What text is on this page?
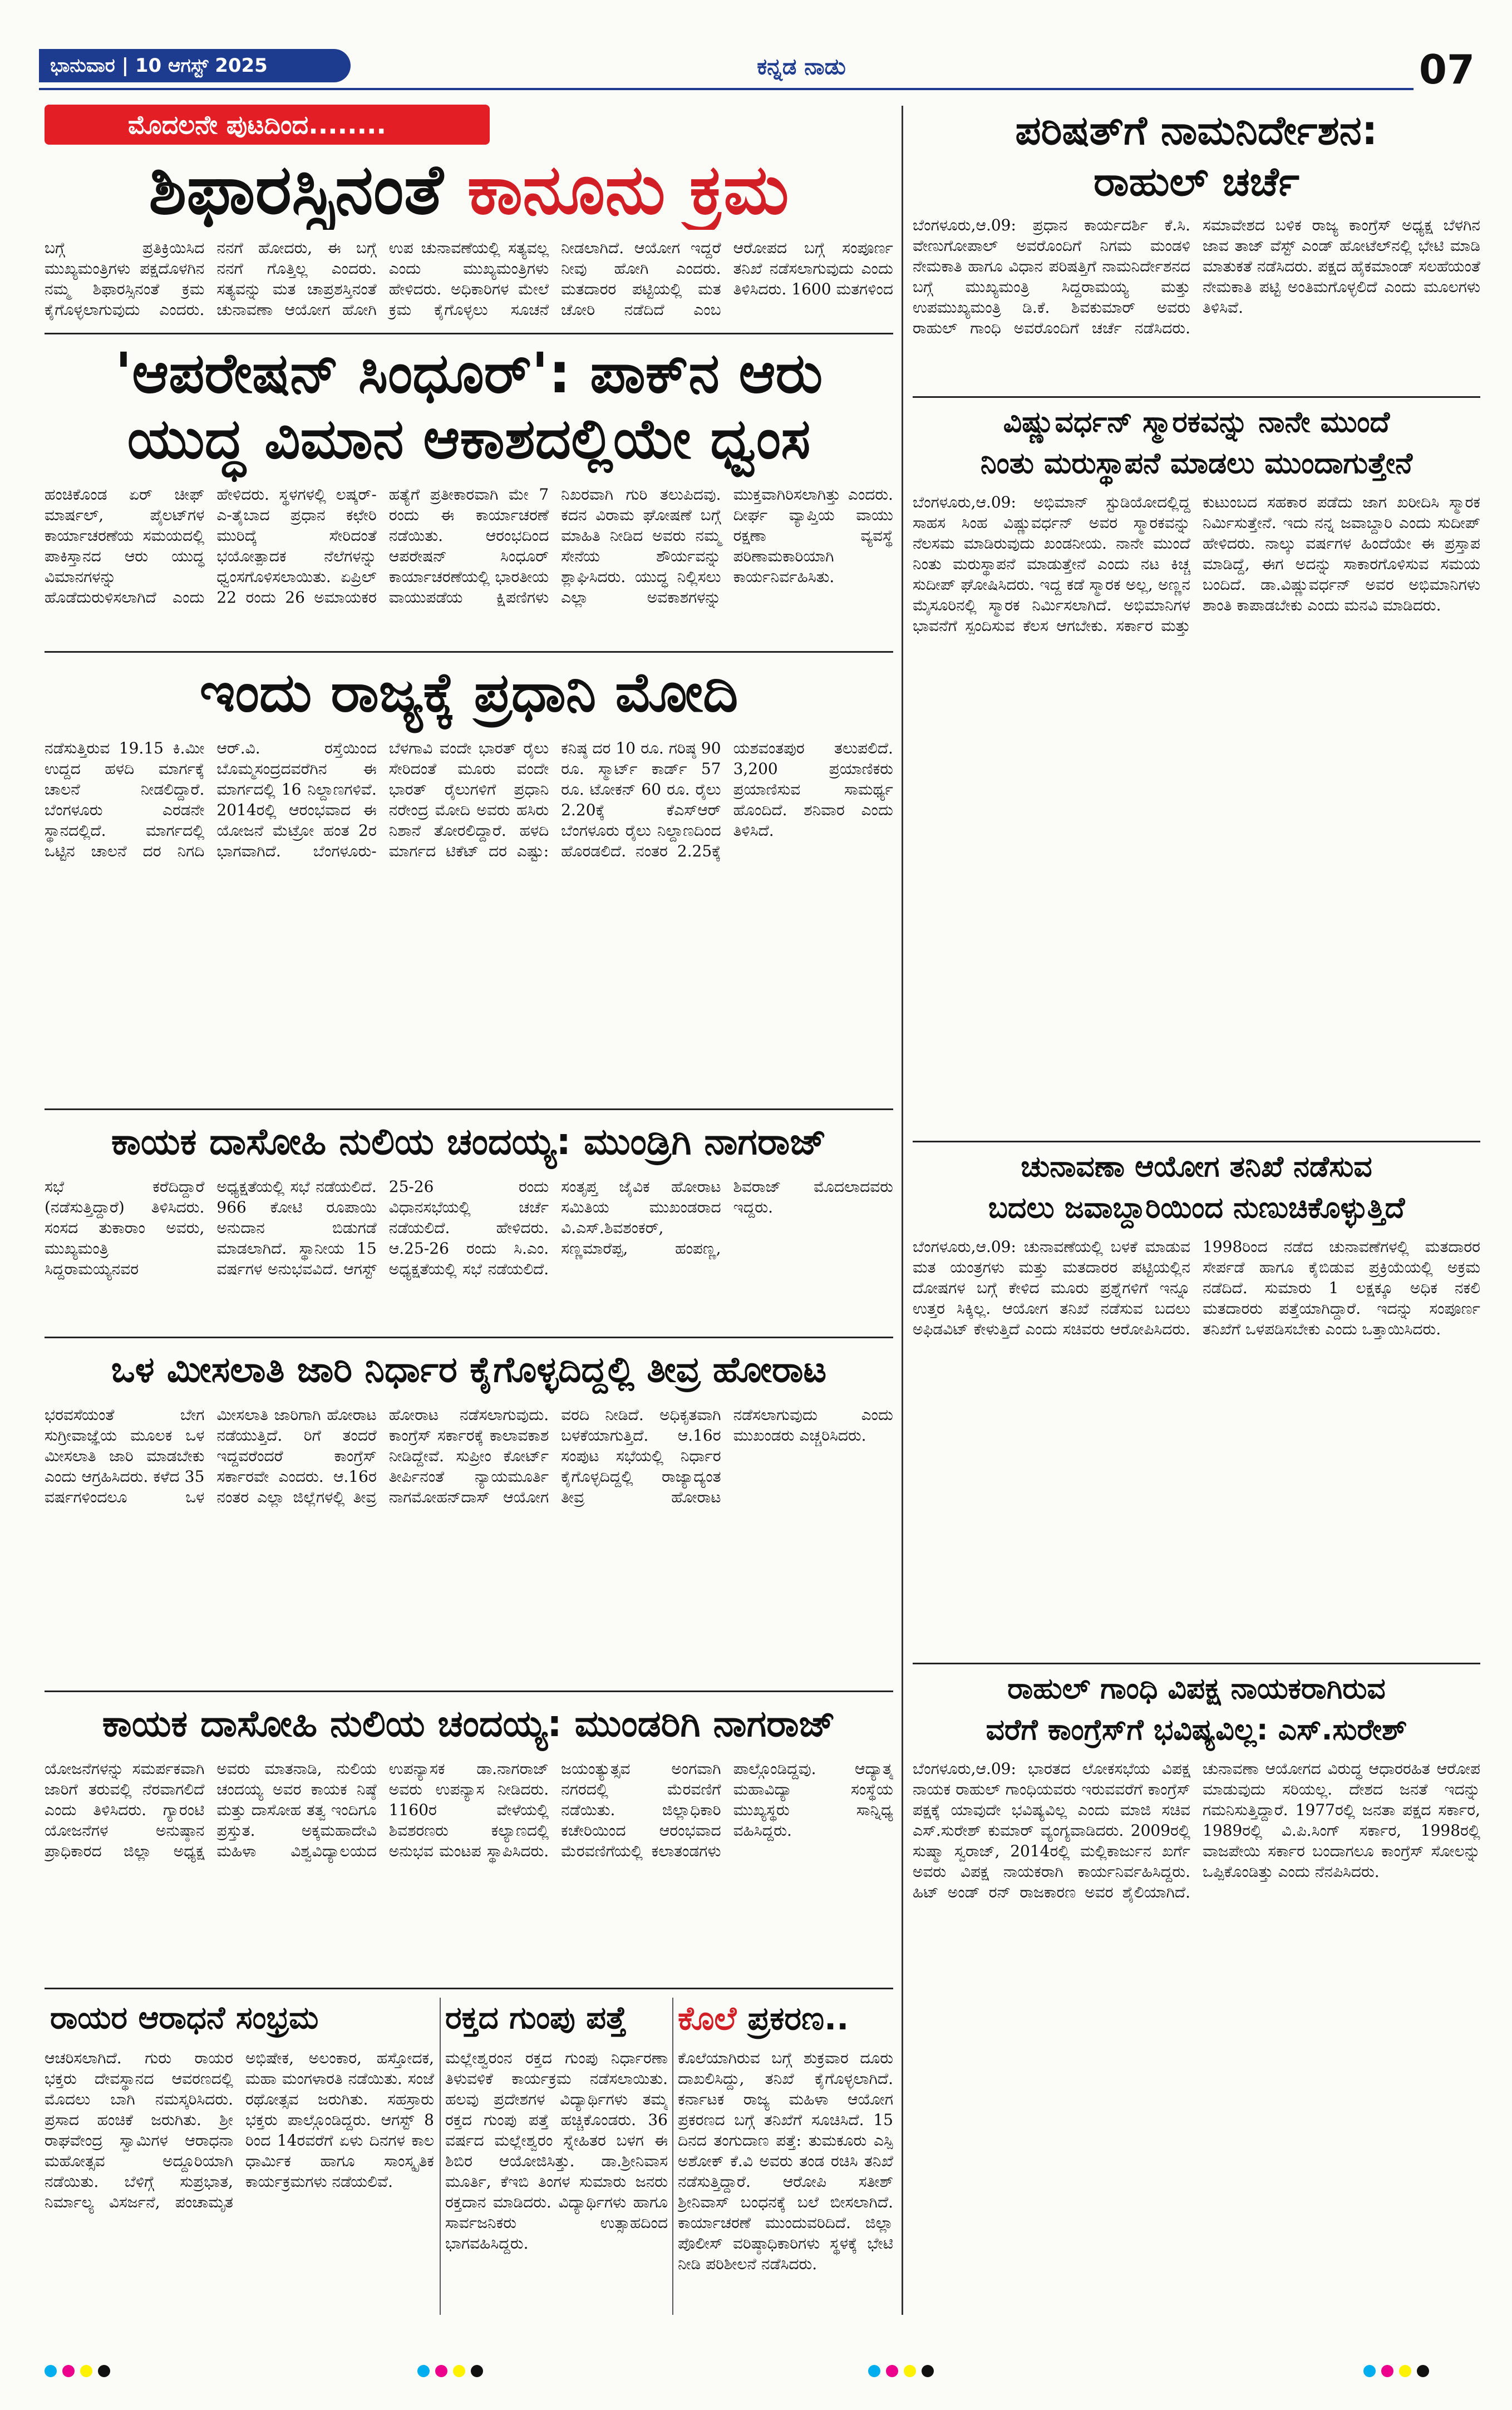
ಭಾನುವಾರ | 10 ಆಗಸ್ಟ್ 2025	ಕನ್ನಡ ನಾಡು	07
ಮೊದಲನೇ ಪುಟದಿಂದ........
ಶಿಫಾರಸ್ಸಿನಂತೆ ಕಾನೂನು ಕ್ರಮ

ಬಗ್ಗೆ ಪ್ರತಿಕ್ರಿಯಿಸಿದ ಮುಖ್ಯಮಂತ್ರಿಗಳು ಪಕ್ಷದೊಳಗಿನ ನಮ್ಮ ಶಿಫಾರಸ್ಸಿನಂತೆ ಕ್ರಮ ಕೈಗೊಳ್ಳಲಾಗುವುದು ಎಂದರು. ನನಗೆ ಹೋದರು, ಈ ಬಗ್ಗೆ ನನಗೆ ಗೊತ್ತಿಲ್ಲ ಎಂದರು. ಸತ್ಯವನ್ನು ಮತ ಚಾಪ್ರಶಸ್ತಿನಂತೆ ಚುನಾವಣಾ ಆಯೋಗ ಹೋಗಿ ಉಪ ಚುನಾವಣೆಯಲ್ಲಿ ಸತ್ಯವಲ್ಲ ಎಂದು ಮುಖ್ಯಮಂತ್ರಿಗಳು ಹೇಳಿದರು. ಅಧಿಕಾರಿಗಳ ಮೇಲೆ ಕ್ರಮ ಕೈಗೊಳ್ಳಲು ಸೂಚನೆ ನೀಡಲಾಗಿದೆ. ಆಯೋಗ ಇದ್ದರೆ ನೀವು ಹೋಗಿ ಎಂದರು. ಮತದಾರರ ಪಟ್ಟಿಯಲ್ಲಿ ಮತ ಚೋರಿ ನಡೆದಿದೆ ಎಂಬ ಆರೋಪದ ಬಗ್ಗೆ ಸಂಪೂರ್ಣ ತನಿಖೆ ನಡೆಸಲಾಗುವುದು ಎಂದು ತಿಳಿಸಿದರು. 1600 ಮತಗಳಿಂದ

'ಆಪರೇಷನ್ ಸಿಂಧೂರ್': ಪಾಕ್‌ನ ಆರು
ಯುದ್ಧ ವಿಮಾನ ಆಕಾಶದಲ್ಲಿಯೇ ಧ್ವಂಸ

ಹಂಚಿಕೊಂಡ ಏರ್ ಚೀಫ್ ಮಾರ್ಷಲ್, ಪೈಲಟ್‌ಗಳ ಕಾರ್ಯಾಚರಣೆಯ ಸಮಯದಲ್ಲಿ ಪಾಕಿಸ್ತಾನದ ಆರು ಯುದ್ಧ ವಿಮಾನಗಳನ್ನು ಹೊಡೆದುರುಳಿಸಲಾಗಿದೆ ಎಂದು ಹೇಳಿದರು. ಸ್ಥಳಗಳಲ್ಲಿ ಲಷ್ಕರ್-ಎ-ತೈಬಾದ ಪ್ರಧಾನ ಕಛೇರಿ ಮುರಿದ್ಕೆ ಸೇರಿದಂತೆ ಭಯೋತ್ಪಾದಕ ನೆಲೆಗಳನ್ನು ಧ್ವಂಸಗೊಳಿಸಲಾಯಿತು. ಏಪ್ರಿಲ್ 22 ರಂದು 26 ಅಮಾಯಕರ ಹತ್ಯೆಗೆ ಪ್ರತೀಕಾರವಾಗಿ ಮೇ 7 ರಂದು ಈ ಕಾರ್ಯಾಚರಣೆ ನಡೆಯಿತು. ಆರಂಭದಿಂದ ಆಪರೇಷನ್ ಸಿಂಧೂರ್ ಕಾರ್ಯಾಚರಣೆಯಲ್ಲಿ ಭಾರತೀಯ ವಾಯುಪಡೆಯ ಕ್ಷಿಪಣಿಗಳು ನಿಖರವಾಗಿ ಗುರಿ ತಲುಪಿದವು. ಕದನ ವಿರಾಮ ಘೋಷಣೆ ಬಗ್ಗೆ ಮಾಹಿತಿ ನೀಡಿದ ಅವರು ನಮ್ಮ ಸೇನೆಯ ಶೌರ್ಯವನ್ನು ಶ್ಲಾಘಿಸಿದರು. ಯುದ್ಧ ನಿಲ್ಲಿಸಲು ಎಲ್ಲಾ ಅವಕಾಶಗಳನ್ನು ಮುಕ್ತವಾಗಿರಿಸಲಾಗಿತ್ತು ಎಂದರು. ದೀರ್ಘ ವ್ಯಾಪ್ತಿಯ ವಾಯು ರಕ್ಷಣಾ ವ್ಯವಸ್ಥೆ ಪರಿಣಾಮಕಾರಿಯಾಗಿ ಕಾರ್ಯನಿರ್ವಹಿಸಿತು.

ಇಂದು ರಾಜ್ಯಕ್ಕೆ ಪ್ರಧಾನಿ ಮೋದಿ

ನಡೆಸುತ್ತಿರುವ 19.15 ಕಿ.ಮೀ ಉದ್ದದ ಹಳದಿ ಮಾರ್ಗಕ್ಕೆ ಚಾಲನೆ ನೀಡಲಿದ್ದಾರೆ. ಬೆಂಗಳೂರು ಎರಡನೇ ಸ್ಥಾನದಲ್ಲಿದೆ. ಮಾರ್ಗದಲ್ಲಿ ಒಟ್ಟಿನ ಚಾಲನೆ ದರ ನಿಗದಿ ಆರ್.ವಿ. ರಸ್ತೆಯಿಂದ ಬೊಮ್ಮಸಂದ್ರದವರೆಗಿನ ಈ ಮಾರ್ಗದಲ್ಲಿ 16 ನಿಲ್ದಾಣಗಳಿವೆ. 2014ರಲ್ಲಿ ಆರಂಭವಾದ ಈ ಯೋಜನೆ ಮೆಟ್ರೋ ಹಂತ 2ರ ಭಾಗವಾಗಿದೆ. ಬೆಂಗಳೂರು-ಬೆಳಗಾವಿ ವಂದೇ ಭಾರತ್ ರೈಲು ಸೇರಿದಂತೆ ಮೂರು ವಂದೇ ಭಾರತ್ ರೈಲುಗಳಿಗೆ ಪ್ರಧಾನಿ ನರೇಂದ್ರ ಮೋದಿ ಅವರು ಹಸಿರು ನಿಶಾನೆ ತೋರಲಿದ್ದಾರೆ. ಹಳದಿ ಮಾರ್ಗದ ಟಿಕೆಟ್ ದರ ಎಷ್ಟು: ಕನಿಷ್ಠ ದರ 10 ರೂ. ಗರಿಷ್ಠ 90 ರೂ. ಸ್ಮಾರ್ಟ್ ಕಾರ್ಡ್ 57 ರೂ. ಟೋಕನ್ 60 ರೂ. ರೈಲು 2.20ಕ್ಕೆ ಕೆಎಸ್‌ಆರ್ ಬೆಂಗಳೂರು ರೈಲು ನಿಲ್ದಾಣದಿಂದ ಹೊರಡಲಿದೆ. ನಂತರ 2.25ಕ್ಕೆ ಯಶವಂತಪುರ ತಲುಪಲಿದೆ. 3,200 ಪ್ರಯಾಣಿಕರು ಪ್ರಯಾಣಿಸುವ ಸಾಮರ್ಥ್ಯ ಹೊಂದಿದೆ. ಶನಿವಾರ ಎಂದು ತಿಳಿಸಿದೆ.

ಕಾಯಕ ದಾಸೋಹಿ ನುಲಿಯ ಚಂದಯ್ಯ: ಮುಂಡ್ರಿಗಿ ನಾಗರಾಜ್

ಸಭೆ ಕರೆದಿದ್ದಾರೆ (ನಡೆಸುತ್ತಿದ್ದಾರೆ) ತಿಳಿಸಿದರು. ಸಂಸದ ತುಕಾರಾಂ ಅವರು, ಮುಖ್ಯಮಂತ್ರಿ ಸಿದ್ದರಾಮಯ್ಯನವರ ಅಧ್ಯಕ್ಷತೆಯಲ್ಲಿ ಸಭೆ ನಡೆಯಲಿದೆ. 966 ಕೋಟಿ ರೂಪಾಯಿ ಅನುದಾನ ಬಿಡುಗಡೆ ಮಾಡಲಾಗಿದೆ. ಸ್ಥಾನೀಯ 15 ವರ್ಷಗಳ ಅನುಭವವಿದೆ. ಆಗಸ್ಟ್ 25-26 ರಂದು ವಿಧಾನಸಭೆಯಲ್ಲಿ ಚರ್ಚೆ ನಡೆಯಲಿದೆ. ಹೇಳಿದರು. ಆ.25-26 ರಂದು ಸಿ.ಎಂ. ಅಧ್ಯಕ್ಷತೆಯಲ್ಲಿ ಸಭೆ ನಡೆಯಲಿದೆ. ಸಂತೃಪ್ತ ಜೈವಿಕ ಹೋರಾಟ ಸಮಿತಿಯ ಮುಖಂಡರಾದ ವಿ.ಎಸ್.ಶಿವಶಂಕರ್, ಸಣ್ಣಮಾರೆಪ್ಪ, ಹಂಪಣ್ಣ, ಶಿವರಾಜ್ ಮೊದಲಾದವರು ಇದ್ದರು.

ಒಳ ಮೀಸಲಾತಿ ಜಾರಿ ನಿರ್ಧಾರ ಕೈಗೊಳ್ಳದಿದ್ದಲ್ಲಿ ತೀವ್ರ ಹೋರಾಟ

ಭರವಸೆಯಂತೆ ಬೇಗ ಸುಗ್ರೀವಾಜ್ಞೆಯ ಮೂಲಕ ಒಳ ಮೀಸಲಾತಿ ಜಾರಿ ಮಾಡಬೇಕು ಎಂದು ಆಗ್ರಹಿಸಿದರು. ಕಳೆದ 35 ವರ್ಷಗಳಿಂದಲೂ ಒಳ ಮೀಸಲಾತಿ ಜಾರಿಗಾಗಿ ಹೋರಾಟ ನಡೆಯುತ್ತಿದೆ. ರಿಗೆ ತಂದರೆ ಇದ್ದವರೆಂದರೆ ಕಾಂಗ್ರೆಸ್ ಸರ್ಕಾರವೇ ಎಂದರು. ಆ.16ರ ನಂತರ ಎಲ್ಲಾ ಜಿಲ್ಲೆಗಳಲ್ಲಿ ತೀವ್ರ ಹೋರಾಟ ನಡೆಸಲಾಗುವುದು. ಕಾಂಗ್ರೆಸ್ ಸರ್ಕಾರಕ್ಕೆ ಕಾಲಾವಕಾಶ ನೀಡಿದ್ದೇವೆ. ಸುಪ್ರೀಂ ಕೋರ್ಟ್ ತೀರ್ಪಿನಂತೆ ನ್ಯಾಯಮೂರ್ತಿ ನಾಗಮೋಹನ್‌ದಾಸ್ ಆಯೋಗ ವರದಿ ನೀಡಿದೆ. ಅಧಿಕೃತವಾಗಿ ಬಳಕೆಯಾಗುತ್ತಿದೆ. ಆ.16ರ ಸಂಪುಟ ಸಭೆಯಲ್ಲಿ ನಿರ್ಧಾರ ಕೈಗೊಳ್ಳದಿದ್ದಲ್ಲಿ ರಾಜ್ಯಾದ್ಯಂತ ತೀವ್ರ ಹೋರಾಟ ನಡೆಸಲಾಗುವುದು ಎಂದು ಮುಖಂಡರು ಎಚ್ಚರಿಸಿದರು.

ಕಾಯಕ ದಾಸೋಹಿ ನುಲಿಯ ಚಂದಯ್ಯ: ಮುಂಡರಿಗಿ ನಾಗರಾಜ್

ಯೋಜನೆಗಳನ್ನು ಸಮರ್ಪಕವಾಗಿ ಜಾರಿಗೆ ತರುವಲ್ಲಿ ನೆರವಾಗಲಿದೆ ಎಂದು ತಿಳಿಸಿದರು. ಗ್ಯಾರಂಟಿ ಯೋಜನೆಗಳ ಅನುಷ್ಠಾನ ಪ್ರಾಧಿಕಾರದ ಜಿಲ್ಲಾ ಅಧ್ಯಕ್ಷ ಅವರು ಮಾತನಾಡಿ, ನುಲಿಯ ಚಂದಯ್ಯ ಅವರ ಕಾಯಕ ನಿಷ್ಠೆ ಮತ್ತು ದಾಸೋಹ ತತ್ವ ಇಂದಿಗೂ ಪ್ರಸ್ತುತ. ಅಕ್ಕಮಹಾದೇವಿ ಮಹಿಳಾ ವಿಶ್ವವಿದ್ಯಾಲಯದ ಉಪನ್ಯಾಸಕ ಡಾ.ನಾಗರಾಜ್ ಅವರು ಉಪನ್ಯಾಸ ನೀಡಿದರು. 1160ರ ವೇಳೆಯಲ್ಲಿ ಶಿವಶರಣರು ಕಲ್ಯಾಣದಲ್ಲಿ ಅನುಭವ ಮಂಟಪ ಸ್ಥಾಪಿಸಿದರು. ಜಯಂತ್ಯುತ್ಸವ ಅಂಗವಾಗಿ ನಗರದಲ್ಲಿ ಮೆರವಣಿಗೆ ನಡೆಯಿತು. ಜಿಲ್ಲಾಧಿಕಾರಿ ಕಚೇರಿಯಿಂದ ಆರಂಭವಾದ ಮೆರವಣಿಗೆಯಲ್ಲಿ ಕಲಾತಂಡಗಳು ಪಾಲ್ಗೊಂಡಿದ್ದವು. ಆದ್ಯಾತ್ಮ ಮಹಾವಿದ್ಯಾ ಸಂಸ್ಥೆಯ ಮುಖ್ಯಸ್ಥರು ಸಾನ್ನಿಧ್ಯ ವಹಿಸಿದ್ದರು.

ರಾಯರ ಆರಾಧನೆ ಸಂಭ್ರಮ

ಆಚರಿಸಲಾಗಿದೆ. ಗುರು ರಾಯರ ಭಕ್ತರು ದೇವಸ್ಥಾನದ ಆವರಣದಲ್ಲಿ ಮೊದಲು ಬಾಗಿ ನಮಸ್ಕರಿಸಿದರು. ಪ್ರಸಾದ ಹಂಚಿಕೆ ಜರುಗಿತು. ಶ್ರೀ ರಾಘವೇಂದ್ರ ಸ್ವಾಮಿಗಳ ಆರಾಧನಾ ಮಹೋತ್ಸವ ಅದ್ದೂರಿಯಾಗಿ ನಡೆಯಿತು. ಬೆಳಿಗ್ಗೆ ಸುಪ್ರಭಾತ, ನಿರ್ಮಾಲ್ಯ ವಿಸರ್ಜನೆ, ಪಂಚಾಮೃತ ಅಭಿಷೇಕ, ಅಲಂಕಾರ, ಹಸ್ತೋದಕ, ಮಹಾ ಮಂಗಳಾರತಿ ನಡೆಯಿತು. ಸಂಜೆ ರಥೋತ್ಸವ ಜರುಗಿತು. ಸಹಸ್ರಾರು ಭಕ್ತರು ಪಾಲ್ಗೊಂಡಿದ್ದರು. ಆಗಸ್ಟ್ 8 ರಿಂದ 14ರವರೆಗೆ ಏಳು ದಿನಗಳ ಕಾಲ ಧಾರ್ಮಿಕ ಹಾಗೂ ಸಾಂಸ್ಕೃತಿಕ ಕಾರ್ಯಕ್ರಮಗಳು ನಡೆಯಲಿವೆ.

ರಕ್ತದ ಗುಂಪು ಪತ್ತೆ

ಮಲ್ಲೇಶ್ವರಂನ ರಕ್ತದ ಗುಂಪು ನಿರ್ಧಾರಣಾ ತಿಳುವಳಿಕೆ ಕಾರ್ಯಕ್ರಮ ನಡೆಸಲಾಯಿತು. ಹಲವು ಪ್ರದೇಶಗಳ ವಿದ್ಯಾರ್ಥಿಗಳು ತಮ್ಮ ರಕ್ತದ ಗುಂಪು ಪತ್ತೆ ಹಚ್ಚಿಕೊಂಡರು. 36 ವರ್ಷದ ಮಲ್ಲೇಶ್ವರಂ ಸ್ನೇಹಿತರ ಬಳಗ ಈ ಶಿಬಿರ ಆಯೋಜಿಸಿತ್ತು. ಡಾ.ಶ್ರೀನಿವಾಸ ಮೂರ್ತಿ, ಕೆಇಬಿ ತಿಂಗಳ ಸುಮಾರು ಜನರು ರಕ್ತದಾನ ಮಾಡಿದರು. ವಿದ್ಯಾರ್ಥಿಗಳು ಹಾಗೂ ಸಾರ್ವಜನಿಕರು ಉತ್ಸಾಹದಿಂದ ಭಾಗವಹಿಸಿದ್ದರು.

ಕೊಲೆ ಪ್ರಕರಣ..

ಕೊಲೆಯಾಗಿರುವ ಬಗ್ಗೆ ಶುಕ್ರವಾರ ದೂರು ದಾಖಲಿಸಿದ್ದು, ತನಿಖೆ ಕೈಗೊಳ್ಳಲಾಗಿದೆ. ಕರ್ನಾಟಕ ರಾಜ್ಯ ಮಹಿಳಾ ಆಯೋಗ ಪ್ರಕರಣದ ಬಗ್ಗೆ ತನಿಖೆಗೆ ಸೂಚಿಸಿದೆ. 15 ದಿನದ ತಂಗುದಾಣ ಪತ್ತೆ: ತುಮಕೂರು ಎಸ್ಪಿ ಅಶೋಕ್ ಕೆ.ವಿ ಅವರು ತಂಡ ರಚಿಸಿ ತನಿಖೆ ನಡೆಸುತ್ತಿದ್ದಾರೆ. ಆರೋಪಿ ಸತೀಶ್ ಶ್ರೀನಿವಾಸ್ ಬಂಧನಕ್ಕೆ ಬಲೆ ಬೀಸಲಾಗಿದೆ. ಕಾರ್ಯಾಚರಣೆ ಮುಂದುವರಿದಿದೆ. ಜಿಲ್ಲಾ ಪೊಲೀಸ್ ವರಿಷ್ಠಾಧಿಕಾರಿಗಳು ಸ್ಥಳಕ್ಕೆ ಭೇಟಿ ನೀಡಿ ಪರಿಶೀಲನೆ ನಡೆಸಿದರು.

ಪರಿಷತ್‌ಗೆ ನಾಮನಿರ್ದೇಶನ:
ರಾಹುಲ್ ಚರ್ಚೆ

ಬೆಂಗಳೂರು,ಆ.09: ಪ್ರಧಾನ ಕಾರ್ಯದರ್ಶಿ ಕೆ.ಸಿ. ವೇಣುಗೋಪಾಲ್ ಅವರೊಂದಿಗೆ ನಿಗಮ ಮಂಡಳಿ ನೇಮಕಾತಿ ಹಾಗೂ ವಿಧಾನ ಪರಿಷತ್ತಿಗೆ ನಾಮನಿರ್ದೇಶನದ ಬಗ್ಗೆ ಮುಖ್ಯಮಂತ್ರಿ ಸಿದ್ದರಾಮಯ್ಯ ಮತ್ತು ಉಪಮುಖ್ಯಮಂತ್ರಿ ಡಿ.ಕೆ. ಶಿವಕುಮಾರ್ ಅವರು ರಾಹುಲ್ ಗಾಂಧಿ ಅವರೊಂದಿಗೆ ಚರ್ಚೆ ನಡೆಸಿದರು. ಸಮಾವೇಶದ ಬಳಿಕ ರಾಜ್ಯ ಕಾಂಗ್ರೆಸ್ ಅಧ್ಯಕ್ಷ ಬೆಳಗಿನ ಜಾವ ತಾಜ್ ವೆಸ್ಟ್ ಎಂಡ್ ಹೋಟೆಲ್‌ನಲ್ಲಿ ಭೇಟಿ ಮಾಡಿ ಮಾತುಕತೆ ನಡೆಸಿದರು. ಪಕ್ಷದ ಹೈಕಮಾಂಡ್ ಸಲಹೆಯಂತೆ ನೇಮಕಾತಿ ಪಟ್ಟಿ ಅಂತಿಮಗೊಳ್ಳಲಿದೆ ಎಂದು ಮೂಲಗಳು ತಿಳಿಸಿವೆ.

ವಿಷ್ಣುವರ್ಧನ್ ಸ್ಮಾರಕವನ್ನು ನಾನೇ ಮುಂದೆ
ನಿಂತು ಮರುಸ್ಥಾಪನೆ ಮಾಡಲು ಮುಂದಾಗುತ್ತೇನೆ

ಬೆಂಗಳೂರು,ಆ.09: ಅಭಿಮಾನ್ ಸ್ಟುಡಿಯೋದಲ್ಲಿದ್ದ ಸಾಹಸ ಸಿಂಹ ವಿಷ್ಣುವರ್ಧನ್ ಅವರ ಸ್ಮಾರಕವನ್ನು ನೆಲಸಮ ಮಾಡಿರುವುದು ಖಂಡನೀಯ. ನಾನೇ ಮುಂದೆ ನಿಂತು ಮರುಸ್ಥಾಪನೆ ಮಾಡುತ್ತೇನೆ ಎಂದು ನಟ ಕಿಚ್ಚ ಸುದೀಪ್ ಘೋಷಿಸಿದರು. ಇದ್ದ ಕಡೆ ಸ್ಮಾರಕ ಅಲ್ಲ, ಅಣ್ಣನ ಮೈಸೂರಿನಲ್ಲಿ ಸ್ಮಾರಕ ನಿರ್ಮಿಸಲಾಗಿದೆ. ಅಭಿಮಾನಿಗಳ ಭಾವನೆಗೆ ಸ್ಪಂದಿಸುವ ಕೆಲಸ ಆಗಬೇಕು. ಸರ್ಕಾರ ಮತ್ತು ಕುಟುಂಬದ ಸಹಕಾರ ಪಡೆದು ಜಾಗ ಖರೀದಿಸಿ ಸ್ಮಾರಕ ನಿರ್ಮಿಸುತ್ತೇನೆ. ಇದು ನನ್ನ ಜವಾಬ್ದಾರಿ ಎಂದು ಸುದೀಪ್ ಹೇಳಿದರು. ನಾಲ್ಕು ವರ್ಷಗಳ ಹಿಂದೆಯೇ ಈ ಪ್ರಸ್ತಾಪ ಮಾಡಿದ್ದೆ, ಈಗ ಅದನ್ನು ಸಾಕಾರಗೊಳಿಸುವ ಸಮಯ ಬಂದಿದೆ. ಡಾ.ವಿಷ್ಣುವರ್ಧನ್ ಅವರ ಅಭಿಮಾನಿಗಳು ಶಾಂತಿ ಕಾಪಾಡಬೇಕು ಎಂದು ಮನವಿ ಮಾಡಿದರು.

ಚುನಾವಣಾ ಆಯೋಗ ತನಿಖೆ ನಡೆಸುವ
ಬದಲು ಜವಾಬ್ದಾರಿಯಿಂದ ನುಣುಚಿಕೊಳ್ಳುತ್ತಿದೆ

ಬೆಂಗಳೂರು,ಆ.09: ಚುನಾವಣೆಯಲ್ಲಿ ಬಳಕೆ ಮಾಡುವ ಮತ ಯಂತ್ರಗಳು ಮತ್ತು ಮತದಾರರ ಪಟ್ಟಿಯಲ್ಲಿನ ದೋಷಗಳ ಬಗ್ಗೆ ಕೇಳಿದ ಮೂರು ಪ್ರಶ್ನೆಗಳಿಗೆ ಇನ್ನೂ ಉತ್ತರ ಸಿಕ್ಕಿಲ್ಲ. ಆಯೋಗ ತನಿಖೆ ನಡೆಸುವ ಬದಲು ಅಫಿಡವಿಟ್ ಕೇಳುತ್ತಿದೆ ಎಂದು ಸಚಿವರು ಆರೋಪಿಸಿದರು. 1998ರಿಂದ ನಡೆದ ಚುನಾವಣೆಗಳಲ್ಲಿ ಮತದಾರರ ಸೇರ್ಪಡೆ ಹಾಗೂ ಕೈಬಿಡುವ ಪ್ರಕ್ರಿಯೆಯಲ್ಲಿ ಅಕ್ರಮ ನಡೆದಿದೆ. ಸುಮಾರು 1 ಲಕ್ಷಕ್ಕೂ ಅಧಿಕ ನಕಲಿ ಮತದಾರರು ಪತ್ತೆಯಾಗಿದ್ದಾರೆ. ಇದನ್ನು ಸಂಪೂರ್ಣ ತನಿಖೆಗೆ ಒಳಪಡಿಸಬೇಕು ಎಂದು ಒತ್ತಾಯಿಸಿದರು.

ರಾಹುಲ್ ಗಾಂಧಿ ವಿಪಕ್ಷ ನಾಯಕರಾಗಿರುವ
ವರೆಗೆ ಕಾಂಗ್ರೆಸ್‌ಗೆ ಭವಿಷ್ಯವಿಲ್ಲ: ಎಸ್.ಸುರೇಶ್

ಬೆಂಗಳೂರು,ಆ.09: ಭಾರತದ ಲೋಕಸಭೆಯ ವಿಪಕ್ಷ ನಾಯಕ ರಾಹುಲ್ ಗಾಂಧಿಯವರು ಇರುವವರೆಗೆ ಕಾಂಗ್ರೆಸ್ ಪಕ್ಷಕ್ಕೆ ಯಾವುದೇ ಭವಿಷ್ಯವಿಲ್ಲ ಎಂದು ಮಾಜಿ ಸಚಿವ ಎಸ್.ಸುರೇಶ್ ಕುಮಾರ್ ವ್ಯಂಗ್ಯವಾಡಿದರು. 2009ರಲ್ಲಿ ಸುಷ್ಮಾ ಸ್ವರಾಜ್, 2014ರಲ್ಲಿ ಮಲ್ಲಿಕಾರ್ಜುನ ಖರ್ಗೆ ಅವರು ವಿಪಕ್ಷ ನಾಯಕರಾಗಿ ಕಾರ್ಯನಿರ್ವಹಿಸಿದ್ದರು. ಹಿಟ್ ಅಂಡ್ ರನ್ ರಾಜಕಾರಣ ಅವರ ಶೈಲಿಯಾಗಿದೆ. ಚುನಾವಣಾ ಆಯೋಗದ ವಿರುದ್ಧ ಆಧಾರರಹಿತ ಆರೋಪ ಮಾಡುವುದು ಸರಿಯಲ್ಲ. ದೇಶದ ಜನತೆ ಇದನ್ನು ಗಮನಿಸುತ್ತಿದ್ದಾರೆ. 1977ರಲ್ಲಿ ಜನತಾ ಪಕ್ಷದ ಸರ್ಕಾರ, 1989ರಲ್ಲಿ ವಿ.ಪಿ.ಸಿಂಗ್ ಸರ್ಕಾರ, 1998ರಲ್ಲಿ ವಾಜಪೇಯಿ ಸರ್ಕಾರ ಬಂದಾಗಲೂ ಕಾಂಗ್ರೆಸ್ ಸೋಲನ್ನು ಒಪ್ಪಿಕೊಂಡಿತ್ತು ಎಂದು ನೆನಪಿಸಿದರು.
